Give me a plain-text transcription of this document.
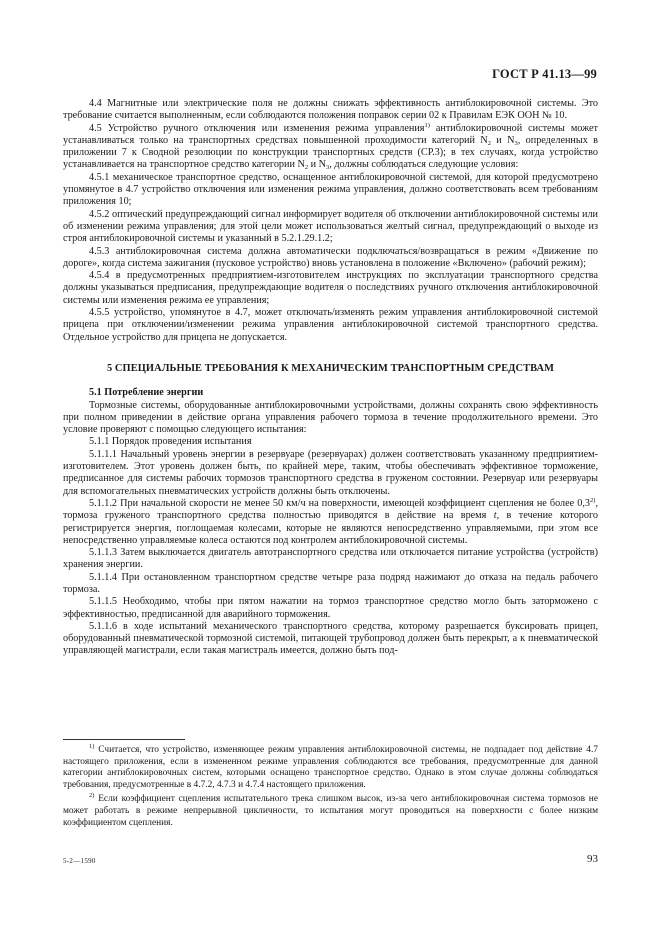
ГОСТ Р 41.13—99

4.4 Магнитные или электрические поля не должны снижать эффективность антиблокировочной системы. Это требование считается выполненным, если соблюдаются положения поправок серии 02 к Правилам ЕЭК ООН № 10.

4.5 Устройство ручного отключения или изменения режима управления$^{1)}$ антиблокировочной системы может устанавливаться только на транспортных средствах повышенной проходимости категорий $N_2$ и $N_3$, определенных в приложении 7 к Сводной резолюции по конструкции транспортных средств (СР.3); в тех случаях, когда устройство устанавливается на транспортное средство категории $N_2$ и $N_3$, должны соблюдаться следующие условия:

4.5.1 механическое транспортное средство, оснащенное антиблокировочной системой, для которой предусмотрено упомянутое в 4.7 устройство отключения или изменения режима управления, должно соответствовать всем требованиям приложения 10;

4.5.2 оптический предупреждающий сигнал информирует водителя об отключении антиблокировочной системы или об изменении режима управления; для этой цели может использоваться желтый сигнал, предупреждающий о выходе из строя антиблокировочной системы и указанный в 5.2.1.29.1.2;

4.5.3 антиблокировочная система должна автоматически подключаться/возвращаться в режим «Движение по дороге», когда система зажигания (пусковое устройство) вновь установлена в положение «Включено» (рабочий режим);

4.5.4 в предусмотренных предприятием-изготовителем инструкциях по эксплуатации транспортного средства должны указываться предписания, предупреждающие водителя о последствиях ручного отключения антиблокировочной системы или изменения режима ее управления;

4.5.5 устройство, упомянутое в 4.7, может отключать/изменять режим управления антиблокировочной системой прицепа при отключении/изменении режима управления антиблокировочной системой транспортного средства. Отдельное устройство для прицепа не допускается.

5 СПЕЦИАЛЬНЫЕ ТРЕБОВАНИЯ К МЕХАНИЧЕСКИМ ТРАНСПОРТНЫМ СРЕДСТВАМ

5.1 Потребление энергии

Тормозные системы, оборудованные антиблокировочными устройствами, должны сохранять свою эффективность при полном приведении в действие органа управления рабочего тормоза в течение продолжительного времени. Это условие проверяют с помощью следующего испытания:

5.1.1 Порядок проведения испытания

5.1.1.1 Начальный уровень энергии в резервуаре (резервуарах) должен соответствовать указанному предприятием-изготовителем. Этот уровень должен быть, по крайней мере, таким, чтобы обеспечивать эффективное торможение, предписанное для системы рабочих тормозов транспортного средства в груженом состоянии. Резервуар или резервуары для вспомогательных пневматических устройств должны быть отключены.

5.1.1.2 При начальной скорости не менее 50 км/ч на поверхности, имеющей коэффициент сцепления не более 0,3$^{2)}$, тормоза груженого транспортного средства полностью приводятся в действие на время t, в течение которого регистрируется энергия, поглощаемая колесами, которые не являются непосредственно управляемыми, при этом все непосредственно управляемые колеса остаются под контролем антиблокировочной системы.

5.1.1.3 Затем выключается двигатель автотранспортного средства или отключается питание устройства (устройств) хранения энергии.

5.1.1.4 При остановленном транспортном средстве четыре раза подряд нажимают до отказа на педаль рабочего тормоза.

5.1.1.5 Необходимо, чтобы при пятом нажатии на тормоз транспортное средство могло быть заторможено с эффективностью, предписанной для аварийного торможения.

5.1.1.6 в ходе испытаний механического транспортного средства, которому разрешается буксировать прицеп, оборудованный пневматической тормозной системой, питающей трубопровод должен быть перекрыт, а к пневматической управляющей магистрали, если такая магистраль имеется, должно быть под-

$^{1)}$ Считается, что устройство, изменяющее режим управления антиблокировочной системы, не подпадает под действие 4.7 настоящего приложения, если в измененном режиме управления соблюдаются все требования, предусмотренные для данной категории антиблокировочных систем, которыми оснащено транспортное средство. Однако в этом случае должны соблюдаться требования, предусмотренные в 4.7.2, 4.7.3 и 4.7.4 настоящего приложения.

$^{2)}$ Если коэффициент сцепления испытательного трека слишком высок, из-за чего антиблокировочная система тормозов не может работать в режиме непрерывной цикличности, то испытания могут проводиться на поверхности с более низким коэффициентом сцепления.

5-2—1590	93
